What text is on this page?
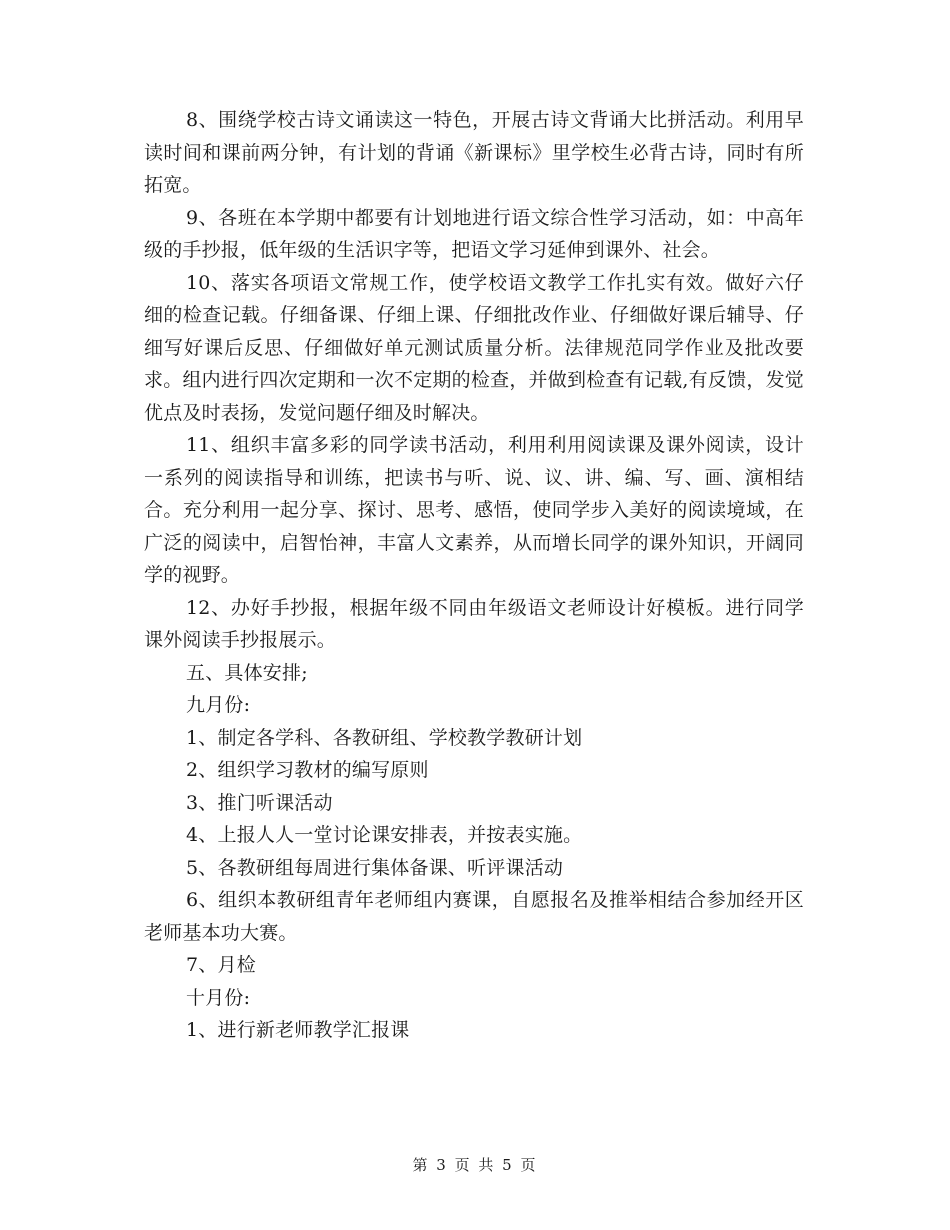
8、围绕学校古诗文诵读这一特色，开展古诗文背诵大比拼活动。利用早读时间和课前两分钟，有计划的背诵《新课标》里学校生必背古诗，同时有所拓宽。

9、各班在本学期中都要有计划地进行语文综合性学习活动，如：中高年级的手抄报，低年级的生活识字等，把语文学习延伸到课外、社会。

10、落实各项语文常规工作，使学校语文教学工作扎实有效。做好六仔细的检查记载。仔细备课、仔细上课、仔细批改作业、仔细做好课后辅导、仔细写好课后反思、仔细做好单元测试质量分析。法律规范同学作业及批改要求。组内进行四次定期和一次不定期的检查，并做到检查有记载,有反馈，发觉优点及时表扬，发觉问题仔细及时解决。

11、组织丰富多彩的同学读书活动，利用利用阅读课及课外阅读，设计一系列的阅读指导和训练，把读书与听、说、议、讲、编、写、画、演相结合。充分利用一起分享、探讨、思考、感悟，使同学步入美好的阅读境域，在广泛的阅读中，启智怡神，丰富人文素养，从而增长同学的课外知识，开阔同学的视野。

12、办好手抄报，根据年级不同由年级语文老师设计好模板。进行同学课外阅读手抄报展示。

五、具体安排;

九月份:

1、制定各学科、各教研组、学校教学教研计划

2、组织学习教材的编写原则

3、推门听课活动

4、上报人人一堂讨论课安排表，并按表实施。

5、各教研组每周进行集体备课、听评课活动

6、组织本教研组青年老师组内赛课，自愿报名及推举相结合参加经开区老师基本功大赛。

7、月检

十月份:

1、进行新老师教学汇报课

第 3 页 共 5 页
